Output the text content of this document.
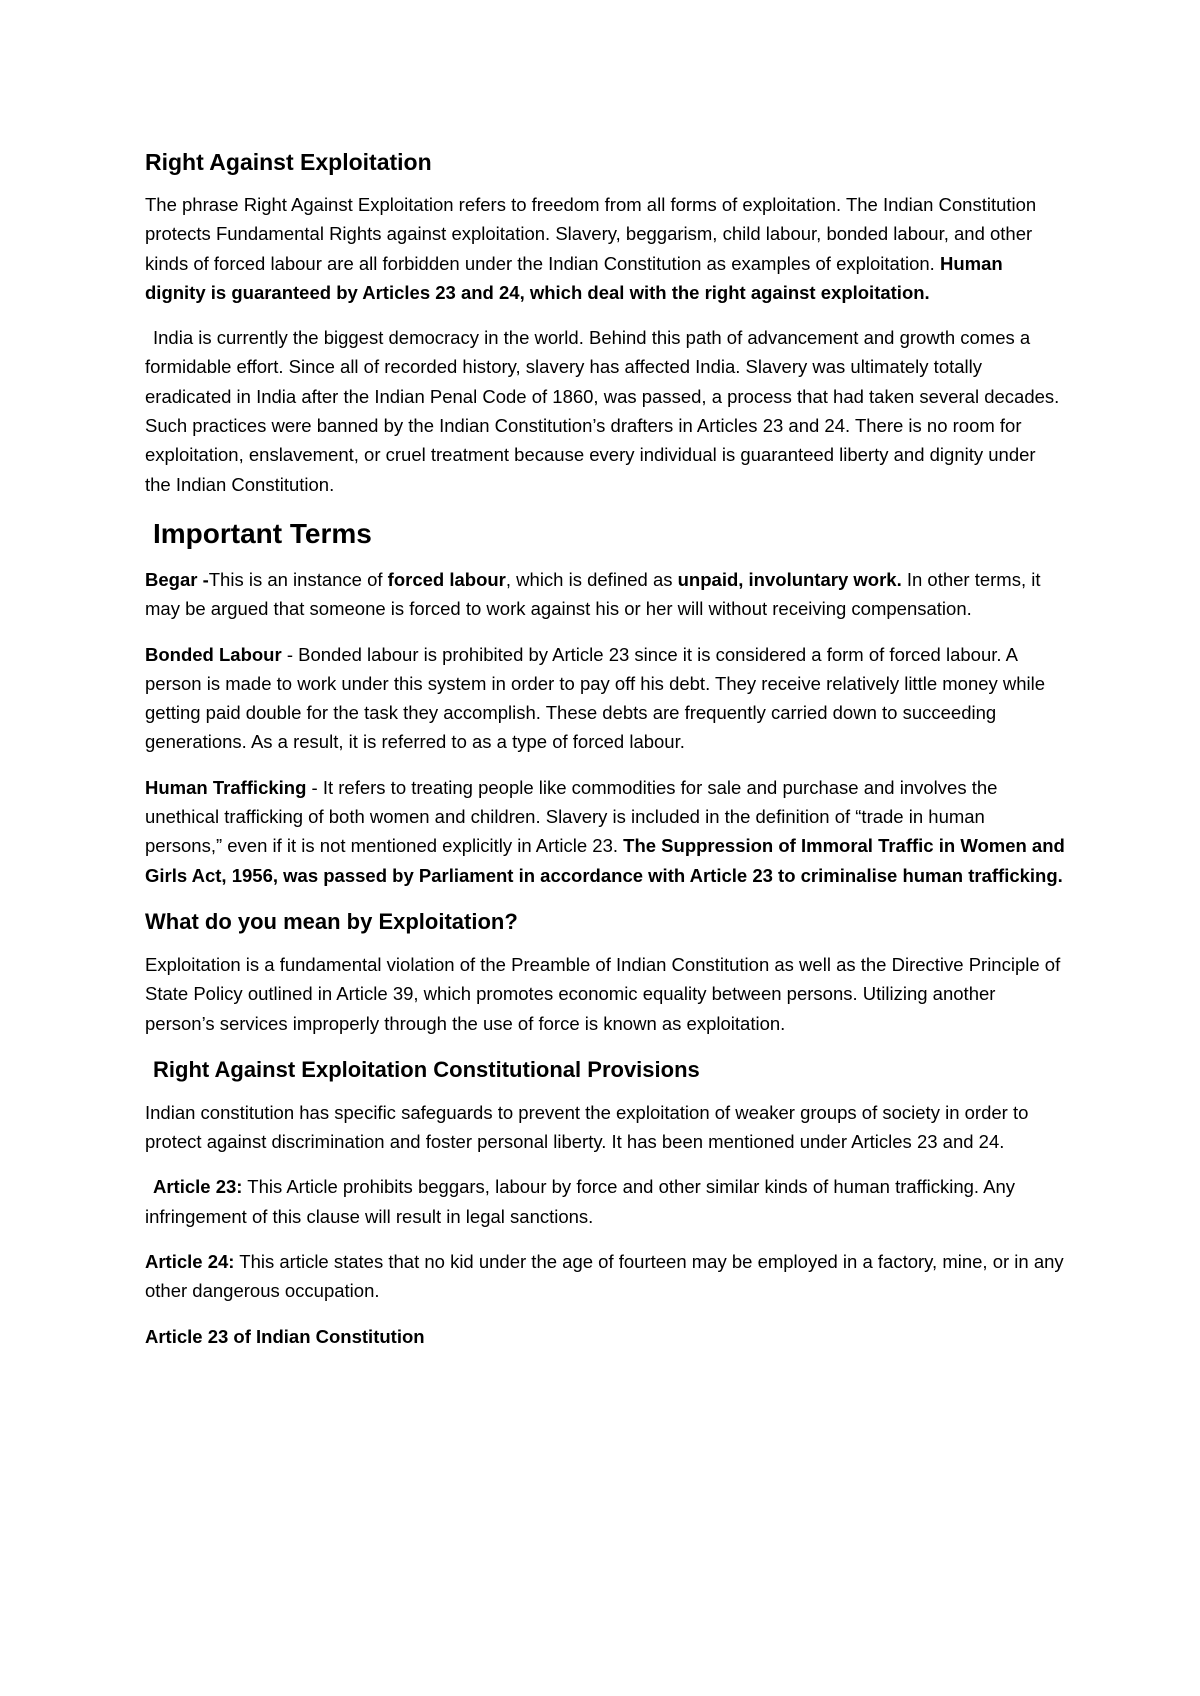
Right Against Exploitation

The phrase Right Against Exploitation refers to freedom from all forms of exploitation. The Indian Constitution protects Fundamental Rights against exploitation. Slavery, beggarism, child labour, bonded labour, and other kinds of forced labour are all forbidden under the Indian Constitution as examples of exploitation. Human dignity is guaranteed by Articles 23 and 24, which deal with the right against exploitation.

India is currently the biggest democracy in the world. Behind this path of advancement and growth comes a formidable effort. Since all of recorded history, slavery has affected India. Slavery was ultimately totally eradicated in India after the Indian Penal Code of 1860, was passed, a process that had taken several decades. Such practices were banned by the Indian Constitution’s drafters in Articles 23 and 24. There is no room for exploitation, enslavement, or cruel treatment because every individual is guaranteed liberty and dignity under the Indian Constitution.

Important Terms

Begar -This is an instance of forced labour, which is defined as unpaid, involuntary work. In other terms, it may be argued that someone is forced to work against his or her will without receiving compensation.

Bonded Labour - Bonded labour is prohibited by Article 23 since it is considered a form of forced labour. A person is made to work under this system in order to pay off his debt. They receive relatively little money while getting paid double for the task they accomplish. These debts are frequently carried down to succeeding generations. As a result, it is referred to as a type of forced labour.

Human Trafficking - It refers to treating people like commodities for sale and purchase and involves the unethical trafficking of both women and children. Slavery is included in the definition of “trade in human persons,” even if it is not mentioned explicitly in Article 23. The Suppression of Immoral Traffic in Women and Girls Act, 1956, was passed by Parliament in accordance with Article 23 to criminalise human trafficking.

What do you mean by Exploitation?

Exploitation is a fundamental violation of the Preamble of Indian Constitution as well as the Directive Principle of State Policy outlined in Article 39, which promotes economic equality between persons. Utilizing another person’s services improperly through the use of force is known as exploitation.

Right Against Exploitation Constitutional Provisions

Indian constitution has specific safeguards to prevent the exploitation of weaker groups of society in order to protect against discrimination and foster personal liberty. It has been mentioned under Articles 23 and 24.

Article 23: This Article prohibits beggars, labour by force and other similar kinds of human trafficking. Any infringement of this clause will result in legal sanctions.

Article 24: This article states that no kid under the age of fourteen may be employed in a factory, mine, or in any other dangerous occupation.

Article 23 of Indian Constitution
